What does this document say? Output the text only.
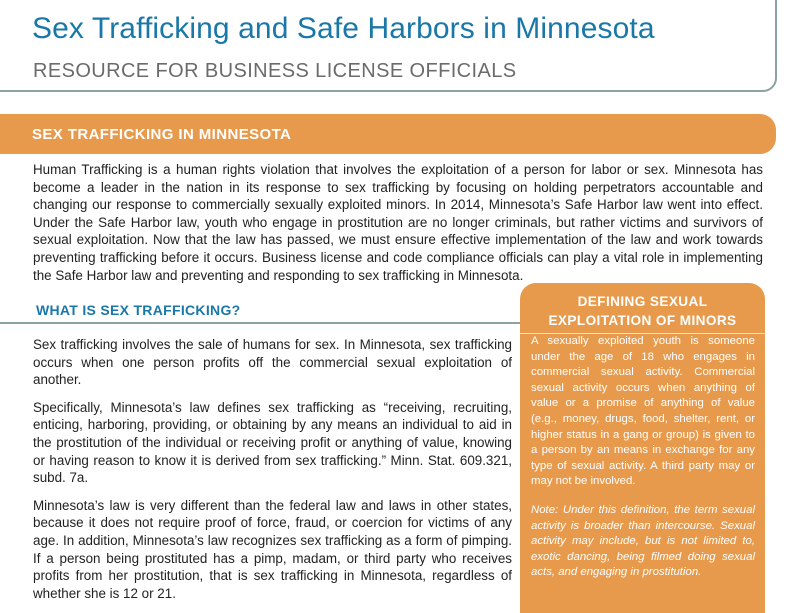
Sex Trafficking and Safe Harbors in Minnesota
RESOURCE FOR BUSINESS LICENSE OFFICIALS
SEX TRAFFICKING IN MINNESOTA

Human Trafficking is a human rights violation that involves the exploitation of a person for labor or sex. Minnesota has become a leader in the nation in its response to sex trafficking by focusing on holding perpetrators accountable and changing our response to commercially sexually exploited minors. In 2014, Minnesota’s Safe Harbor law went into effect. Under the Safe Harbor law, youth who engage in prostitution are no longer criminals, but rather victims and survivors of sexual exploitation. Now that the law has passed, we must ensure effective implementation of the law and work towards preventing trafficking before it occurs. Business license and code compliance officials can play a vital role in implementing the Safe Harbor law and preventing and responding to sex trafficking in Minnesota.

WHAT IS SEX TRAFFICKING?

Sex trafficking involves the sale of humans for sex. In Minnesota, sex trafficking occurs when one person profits off the commercial sexual exploitation of another.

Specifically, Minnesota’s law defines sex trafficking as “receiving, recruiting, enticing, harboring, providing, or obtaining by any means an individual to aid in the prostitution of the individual or receiving profit or anything of value, knowing or having reason to know it is derived from sex trafficking.” Minn. Stat. 609.321, subd. 7a.

Minnesota’s law is very different than the federal law and laws in other states, because it does not require proof of force, fraud, or coercion for victims of any age. In addition, Minnesota’s law recognizes sex trafficking as a form of pimping. If a person being prostituted has a pimp, madam, or third party who receives profits from her prostitution, that is sex trafficking in Minnesota, regardless of whether she is 12 or 21.

DEFINING SEXUAL
EXPLOITATION OF MINORS

A sexually exploited youth is someone under the age of 18 who engages in commercial sexual activity. Commercial sexual activity occurs when anything of value or a promise of anything of value (e.g., money, drugs, food, shelter, rent, or higher status in a gang or group) is given to a person by an means in exchange for any type of sexual activity. A third party may or may not be involved.

Note: Under this definition, the term sexual activity is broader than intercourse. Sexual activity may include, but is not limited to, exotic dancing, being filmed doing sexual acts, and engaging in prostitution.
